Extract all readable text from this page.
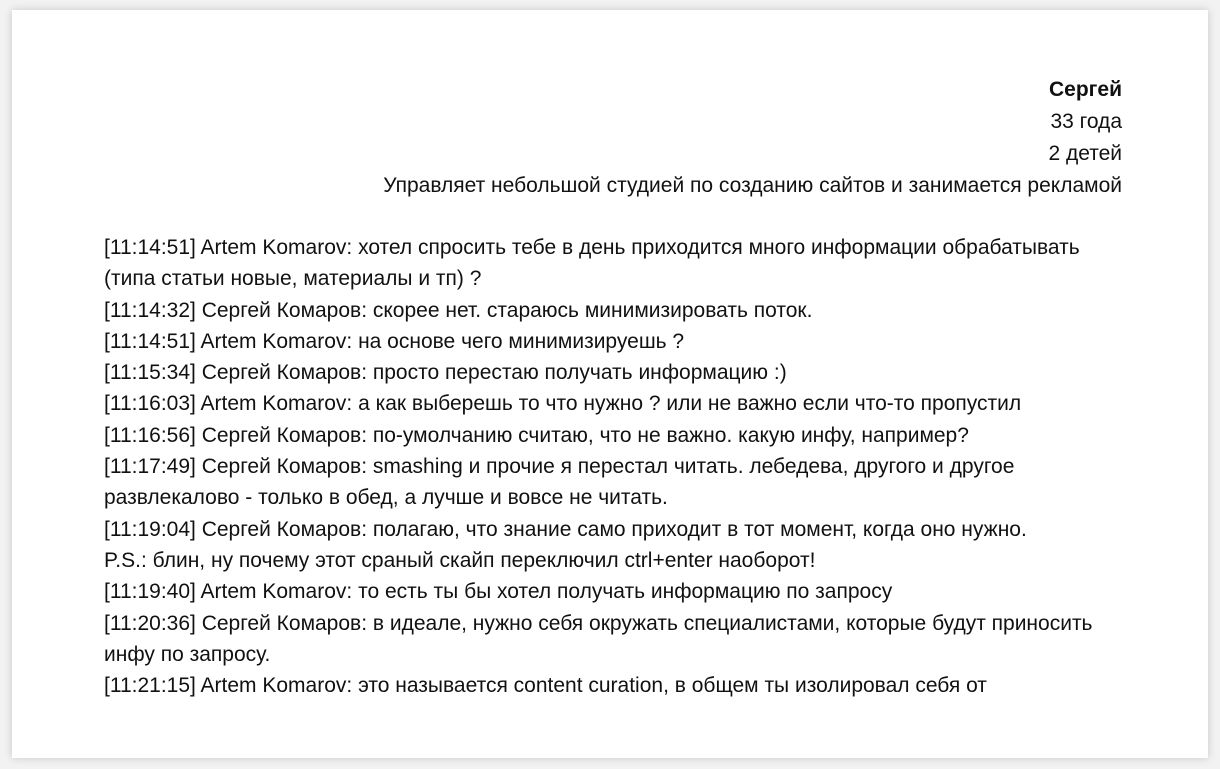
Сергей
33 года
2 детей
Управляет небольшой студией по созданию сайтов и занимается рекламой
[11:14:51] Artem Komarov: хотел спросить тебе в день приходится много информации обрабатывать (типа статьи новые, материалы и тп) ?
[11:14:32] Сергей Комаров: скорее нет. стараюсь минимизировать поток.
[11:14:51] Artem Komarov: на основе чего минимизируешь ?
[11:15:34] Сергей Комаров: просто перестаю получать информацию :)
[11:16:03] Artem Komarov: а как выберешь то что нужно ? или не важно если что-то пропустил
[11:16:56] Сергей Комаров: по-умолчанию считаю, что не важно. какую инфу, например?
[11:17:49] Сергей Комаров: smashing и прочие я перестал читать. лебедева, другого и другое развлекалово - только в обед, а лучше и вовсе не читать.
[11:19:04] Сергей Комаров: полагаю, что знание само приходит в тот момент, когда оно нужно.
P.S.: блин, ну почему этот сраный скайп переключил ctrl+enter наоборот!
[11:19:40] Artem Komarov: то есть ты бы хотел получать информацию по запросу
[11:20:36] Сергей Комаров: в идеале, нужно себя окружать специалистами, которые будут приносить инфу по запросу.
[11:21:15] Artem Komarov: это называется content curation, в общем ты изолировал себя от
